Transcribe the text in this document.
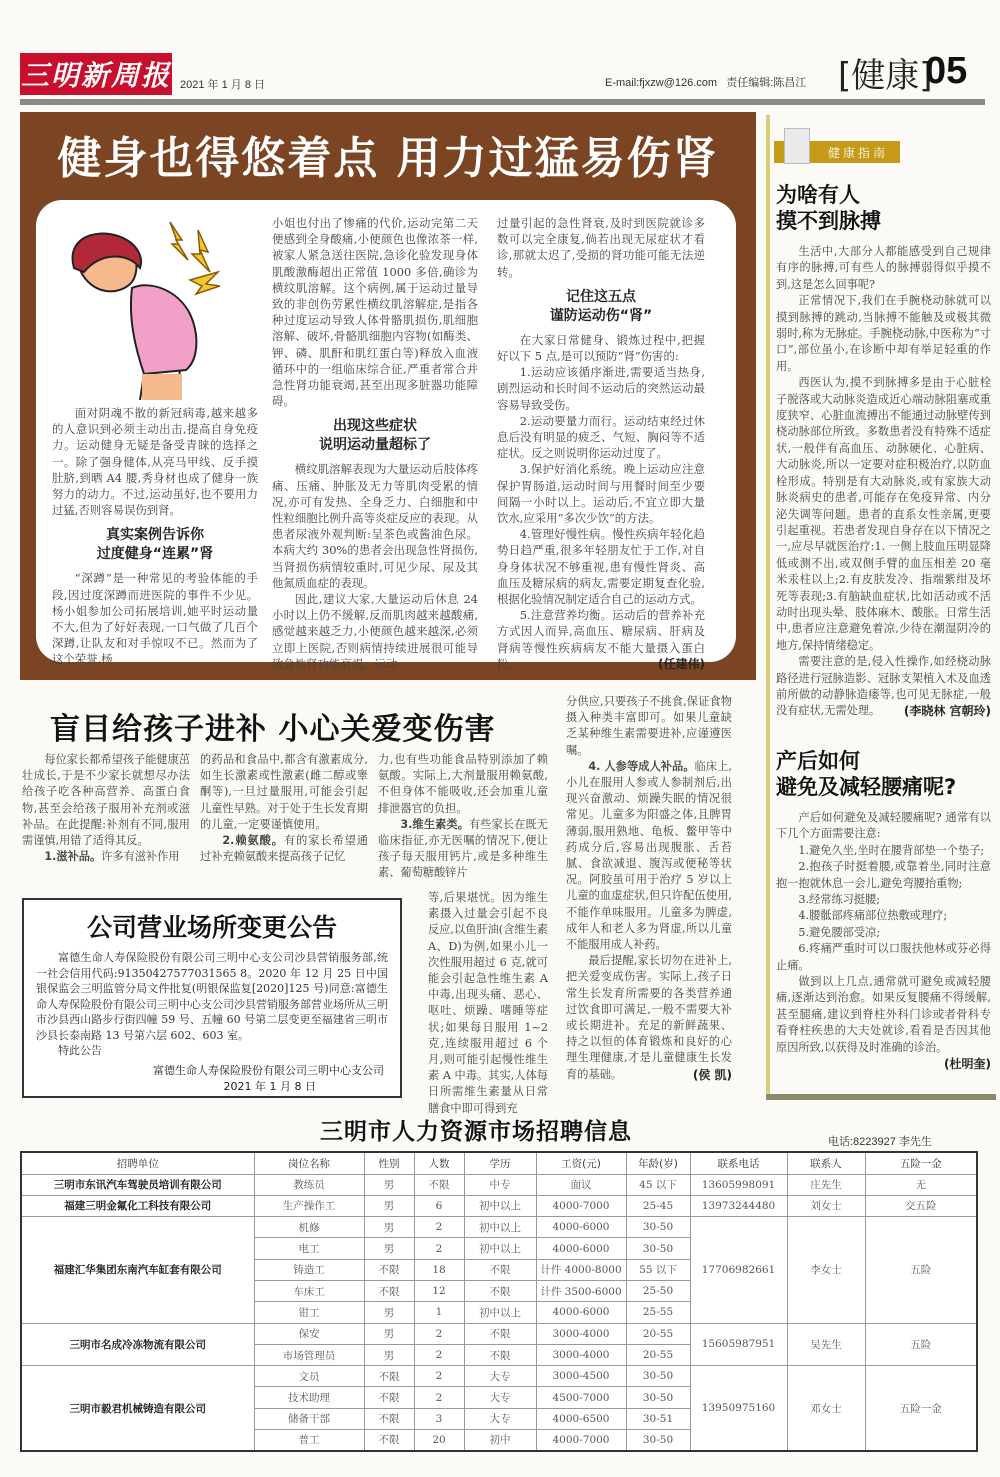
三明新周报 2021 年 1 月 8 日	E-mail:fjxzw@126.com 责任编辑:陈昌江 [健康]
05
健身也得悠着点 用力过猛易伤肾

面对阴魂不散的新冠病毒,越来越多的人意识到必须主动出击,提高自身免疫力。运动健身无疑是备受青睐的选择之一。除了强身健体,从亮马甲线、反手摸肚脐,到晒 A4 腰,秀身材也成了健身一族努力的动力。不过,运动虽好,也不要用力过猛,否则容易误伤到肾。

真实案例告诉你
过度健身“连累”肾

“深蹲”是一种常见的考验体能的手段,因过度深蹲而进医院的事件不少见。杨小姐参加公司拓展培训,她平时运动量不大,但为了好好表现,一口气做了几百个深蹲,让队友和对手惊叹不已。然而为了这个荣誉,杨

小姐也付出了惨痛的代价,运动完第二天便感到全身酸痛,小便颜色也像浓茶一样,被家人紧急送往医院,急诊化验发现身体肌酸激酶超出正常值 1000 多倍,确诊为横纹肌溶解。这个病例,属于运动过量导致的非创伤劳累性横纹肌溶解症,是指各种过度运动导致人体骨骼肌损伤,肌细胞溶解、破坏,骨骼肌细胞内容物(如酶类、钾、磷、肌酐和肌红蛋白等)释放入血液循环中的一组临床综合征,严重者常合并急性肾功能衰竭,甚至出现多脏器功能障碍。

出现这些症状
说明运动量超标了

横纹肌溶解表现为大量运动后肢体疼痛、压痛、肿胀及无力等肌肉受累的情况,亦可有发热、全身乏力、白细胞和中性粒细胞比例升高等炎症反应的表现。从患者尿液外观判断:呈茶色或酱油色尿。本病大约 30%的患者会出现急性肾损伤,当肾损伤病情较重时,可见少尿、尿及其他氮质血症的表现。

因此,建议大家,大量运动后休息 24 小时以上仍不缓解,反而肌肉越来越酸痛,感觉越来越乏力,小便颜色越来越深,必须立即上医院,否则病情持续进展很可能导致急性肾功能衰竭。运动

过量引起的急性肾衰,及时到医院就诊多数可以完全康复,倘若出现无尿症状才看诊,那就太迟了,受损的肾功能可能无法逆转。

记住这五点
谨防运动伤“肾”

在大家日常健身、锻炼过程中,把握好以下 5 点,是可以预防“肾”伤害的:

1.运动应该循序渐进,需要适当热身,剧烈运动和长时间不运动后的突然运动最容易导致受伤。

2.运动要量力而行。运动结束经过休息后没有明显的疲乏、气短、胸闷等不适症状。反之则说明你运动过度了。

3.保护好消化系统。晚上运动应注意保护胃肠道,运动时间与用餐时间至少要间隔一小时以上。运动后,不宜立即大量饮水,应采用“多次少饮”的方法。

4.管理好慢性病。慢性疾病年轻化趋势日趋严重,很多年轻朋友忙于工作,对自身身体状况不够重视,患有慢性肾炎、高血压及糖尿病的病友,需要定期复查化验,根据化验情况制定适合自己的运动方式。

5.注意营养均衡。运动后的营养补充方式因人而异,高血压、糖尿病、肝病及肾病等慢性疾病病友不能大量摄入蛋白粉。	(任建伟)

健康指南
为啥有人
摸不到脉搏

生活中,大部分人都能感受到自己规律有序的脉搏,可有些人的脉搏弱得似乎摸不到,这是怎么回事呢?

正常情况下,我们在手腕桡动脉就可以摸到脉搏的跳动,当脉搏不能触及或极其微弱时,称为无脉症。手腕桡动脉,中医称为“寸口”,部位虽小,在诊断中却有举足轻重的作用。

西医认为,摸不到脉搏多是由于心脏栓子脱落或大动脉炎造成近心端动脉阻塞或重度狭窄、心脏血流搏出不能通过动脉壁传到桡动脉部位所致。多数患者没有特殊不适症状,一般伴有高血压、动脉硬化、心脏病、大动脉炎,所以一定要对症积极治疗,以防血栓形成。特别是有大动脉炎,或有家族大动脉炎病史的患者,可能存在免疫异常、内分泌失调等问题。患者的直系女性亲属,更要引起重视。若患者发现自身存在以下情况之一,应尽早就医治疗:1. 一侧上肢血压明显降低或测不出,或双侧手臂的血压相差 20 毫米汞柱以上;2.有皮肤发冷、指端紫绀及坏死等表现;3.有脑缺血症状,比如活动或不活动时出现头晕、肢体麻木、酸胀。日常生活中,患者应注意避免着凉,少待在潮湿阴冷的地方,保持情绪稳定。

需要注意的是,侵入性操作,如经桡动脉路径进行冠脉造影、冠脉支架植入术及血透前所做的动静脉造瘘等,也可见无脉症,一般没有症状,无需处理。	(李晓林 宫朝玲)

产后如何
避免及减轻腰痛呢?

产后如何避免及减轻腰痛呢? 通常有以下几个方面需要注意:

1.避免久坐,坐时在腰背部垫一个垫子;

2.抱孩子时挺着腰,或靠着坐,同时注意抱一抱就休息一会儿,避免弯腰抬重物;

3.经常练习挺腰;

4.腰骶部疼痛部位热敷或理疗;

5.避免腰部受凉;

6.疼痛严重时可以口服扶他林或芬必得止痛。

做到以上几点,通常就可避免或减轻腰痛,逐渐达到治愈。如果反复腰痛不得缓解,甚至腿痛,建议到脊柱外科门诊或者骨科专看脊柱疾患的大夫处就诊,看看是否因其他原因所致,以获得及时准确的诊治。
(杜明奎)

盲目给孩子进补 小心关爱变伤害

每位家长都希望孩子能健康茁壮成长,于是不少家长就想尽办法给孩子吃各种高营养、高蛋白食物,甚至会给孩子服用补充剂或滋补品。在此提醒:补剂有不同,服用需谨慎,用错了适得其反。

1.滋补品。许多有滋补作用

的药品和食品中,都含有激素成分,如生长激素或性激素(雌二醇或睾酮等),一旦过量服用,可能会引起儿童性早熟。对于处于生长发育期的儿童,一定要谨慎使用。

2.赖氨酸。有的家长希望通过补充赖氨酸来提高孩子记忆

力,也有些功能食品特别添加了赖氨酸。实际上,大剂量服用赖氨酸,不但身体不能吸收,还会加重儿童排泄器官的负担。

3.维生素类。有些家长在既无临床指征,亦无医嘱的情况下,便让孩子每天服用钙片,或是多种维生素、葡萄糖酸锌片

等,后果堪忧。因为维生素摄入过量会引起不良反应,以鱼肝油(含维生素 A、D)为例,如果小儿一次性服用超过 6 克,就可能会引起急性维生素 A 中毒,出现头痛、恶心、呕吐、烦躁、嗜睡等症状;如果每日服用 1~2 克,连续服用超过 6 个月,则可能引起慢性维生素 A 中毒。其实,人体每日所需维生素量从日常膳食中即可得到充

分供应,只要孩子不挑食,保证食物摄入种类丰富即可。如果儿童缺乏某种维生素需要进补,应谨遵医嘱。

4. 人参等成人补品。临床上,小儿在服用人参或人参制剂后,出现兴奋激动、烦躁失眠的情况很常见。儿童多为阳盛之体,且脾胃薄弱,服用熟地、龟板、鳖甲等中药成分后,容易出现腹胀、舌苔腻、食欲减退、腹泻或便秘等状况。阿胶虽可用于治疗 5 岁以上儿童的血虚症状,但只许配伍使用,不能作单味服用。儿童多为脾虚,成年人和老人多为肾虚,所以儿童不能服用成人补药。

最后提醒,家长切勿在进补上,把关爱变成伤害。实际上,孩子日常生长发育所需要的各类营养通过饮食即可满足,一般不需要大补或长期进补。充足的新鲜蔬果、持之以恒的体育锻炼和良好的心理生理健康,才是儿童健康生长发育的基础。	(侯 凯)

公司营业场所变更公告

富德生命人寿保险股份有限公司三明中心支公司沙县营销服务部,统一社会信用代码:91350427577031565 8。2020 年 12 月 25 日中国银保监会三明监管分局文件批复(明银保监复[2020]125 号)同意:富德生命人寿保险股份有限公司三明中心支公司沙县营销服务部营业场所从三明市沙县西山路步行街四幢 59 号、五幢 60 号第二层变更至福建省三明市沙县长泰南路 13 号第六层 602、603 室。

特此公告

富德生命人寿保险股份有限公司三明中心支公司
2021 年 1 月 8 日
三明市人力资源市场招聘信息	电话:8223927 李先生
招聘单位	岗位名称	性别	人数	学历	工资(元)	年龄(岁)	联系电话	联系人	五险一金
三明市东讯汽车驾驶员培训有限公司	教练员	男	不限	中专	面议	45 以下	13605998091	庄先生	无
福建三明金氟化工科技有限公司	生产操作工	男	6	初中以上	4000-7000	25-45	13973244480	刘女士	交五险
福建汇华集团东南汽车缸套有限公司	机修	男	2	初中以上	4000-6000	30-50	17706982661	李女士	五险
	电工	男	2	初中以上	4000-6000	30-50			
	铸造工	不限	18	不限	计件 4000-8000	55 以下			
	车床工	不限	12	不限	计件 3500-6000	25-50			
	钳工	男	1	初中以上	4000-6000	25-55			
三明市名成冷冻物流有限公司	保安	男	2	不限	3000-4000	20-55	15605987951	吴先生	五险
	市场管理员	男	2	不限	3000-4000	20-55			
三明市毅君机械铸造有限公司	文员	不限	2	大专	3000-4500	30-50	13950975160	邓女士	五险一金
	技术助理	不限	2	大专	4500-7000	30-50			
	储备干部	不限	3	大专	4000-6500	30-51			
	普工	不限	20	初中	4000-7000	30-50			
